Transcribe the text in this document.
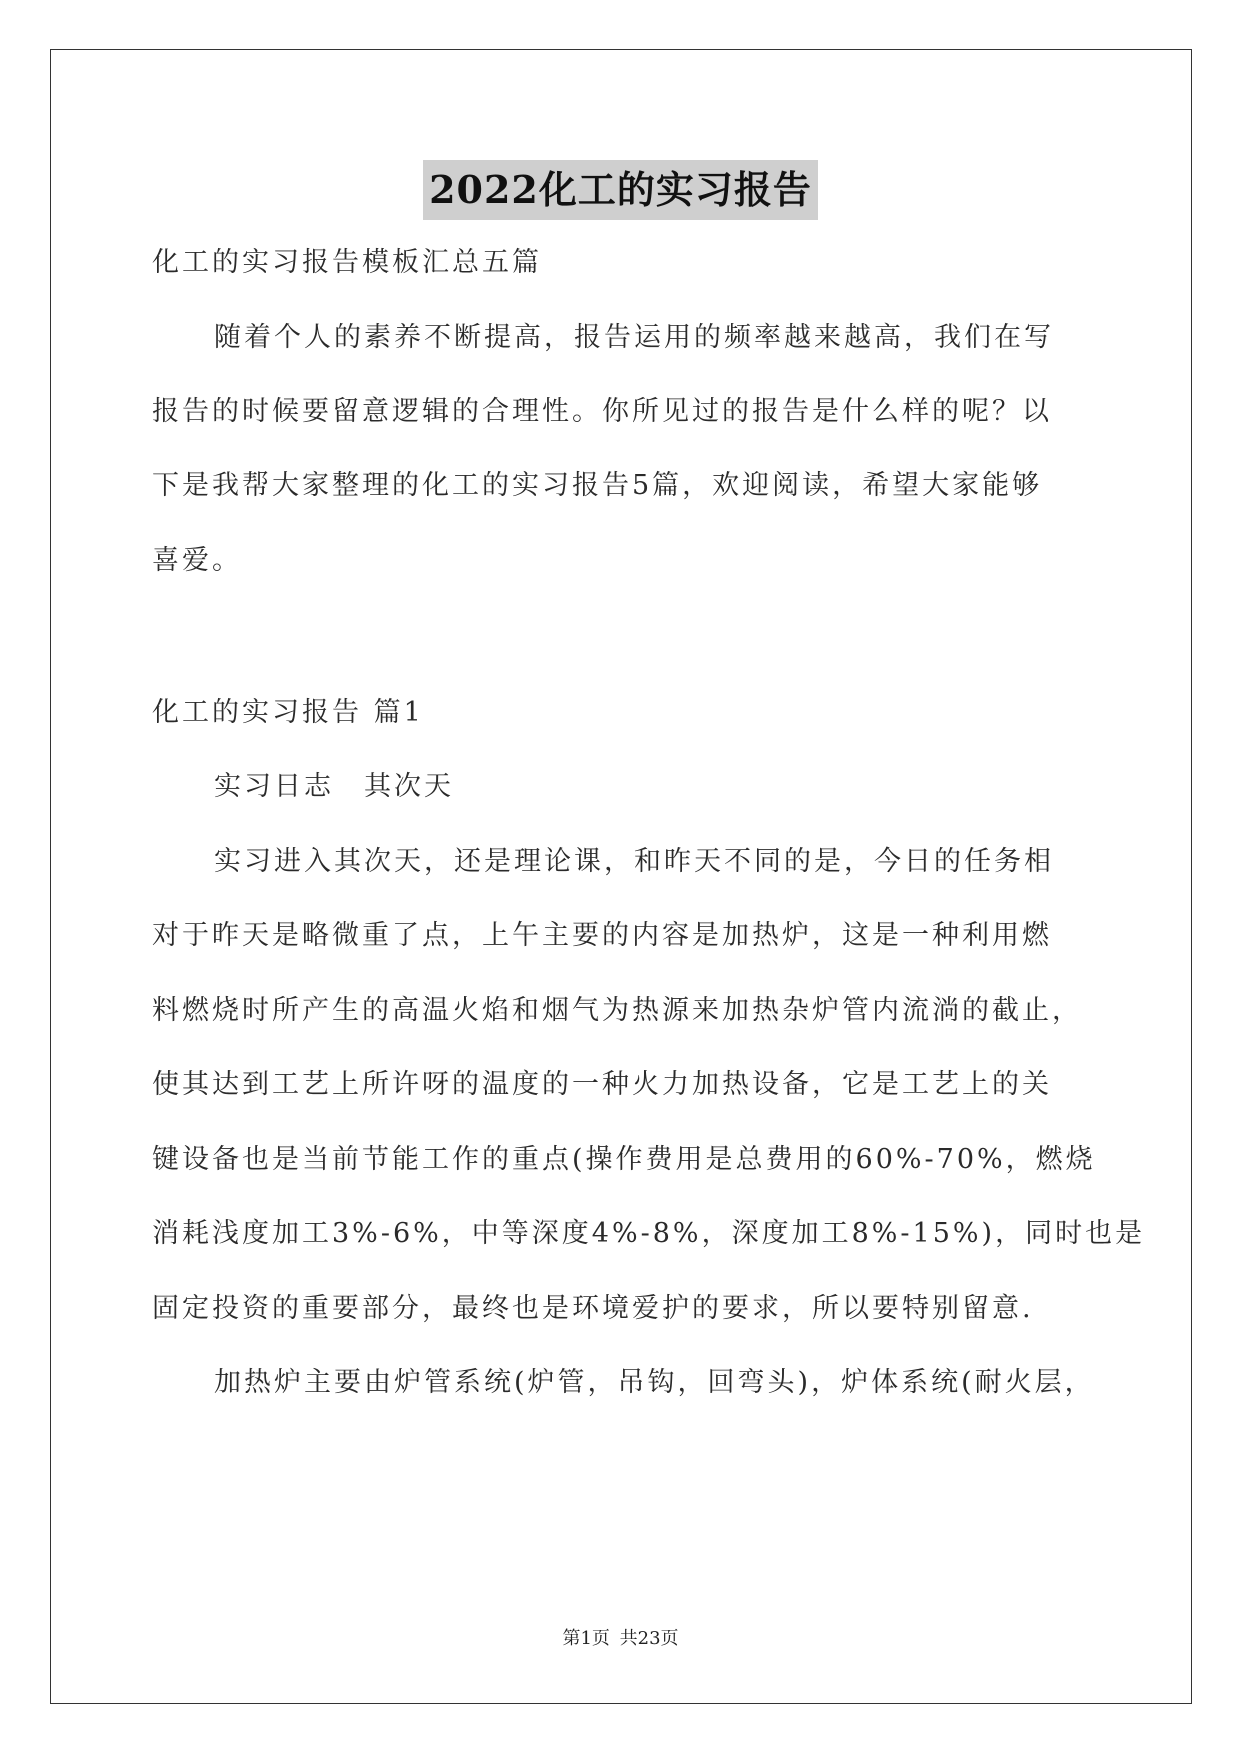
2022化工的实习报告
化工的实习报告模板汇总五篇
随着个人的素养不断提高，报告运用的频率越来越高，我们在写
报告的时候要留意逻辑的合理性。你所见过的报告是什么样的呢？以
下是我帮大家整理的化工的实习报告5篇，欢迎阅读，希望大家能够
喜爱。
化工的实习报告 篇1
实习日志　其次天
实习进入其次天，还是理论课，和昨天不同的是，今日的任务相
对于昨天是略微重了点，上午主要的内容是加热炉，这是一种利用燃
料燃烧时所产生的高温火焰和烟气为热源来加热杂炉管内流淌的截止，
使其达到工艺上所许呀的温度的一种火力加热设备，它是工艺上的关
键设备也是当前节能工作的重点(操作费用是总费用的60%-70%，燃烧
消耗浅度加工3%-6%，中等深度4%-8%，深度加工8%-15%)，同时也是
固定投资的重要部分，最终也是环境爱护的要求，所以要特别留意.
加热炉主要由炉管系统(炉管，吊钩，回弯头)，炉体系统(耐火层，
第1页 共23页
